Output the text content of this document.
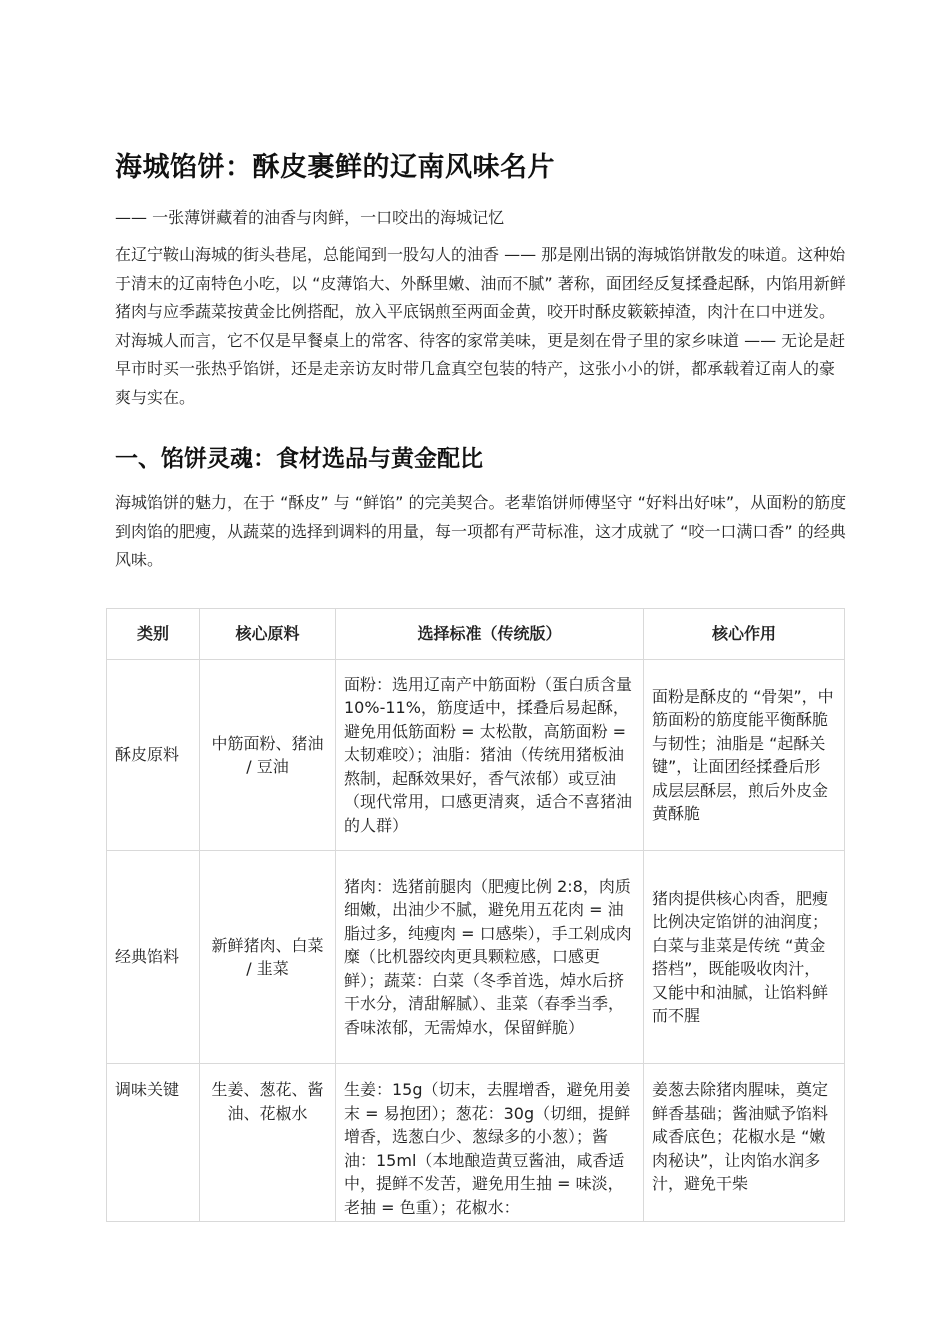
海城馅饼：酥皮裹鲜的辽南风味名片
—— 一张薄饼藏着的油香与肉鲜，一口咬出的海城记忆

在辽宁鞍山海城的街头巷尾，总能闻到一股勾人的油香 —— 那是刚出锅的海城馅饼散发的味道。这种始于清末的辽南特色小吃，以 “皮薄馅大、外酥里嫩、油而不腻” 著称，面团经反复揉叠起酥，内馅用新鲜猪肉与应季蔬菜按黄金比例搭配，放入平底锅煎至两面金黄，咬开时酥皮簌簌掉渣，肉汁在口中迸发。对海城人而言，它不仅是早餐桌上的常客、待客的家常美味，更是刻在骨子里的家乡味道 —— 无论是赶早市时买一张热乎馅饼，还是走亲访友时带几盒真空包装的特产，这张小小的饼，都承载着辽南人的豪爽与实在。

一、馅饼灵魂：食材选品与黄金配比

海城馅饼的魅力，在于 “酥皮” 与 “鲜馅” 的完美契合。老辈馅饼师傅坚守 “好料出好味”，从面粉的筋度到肉馅的肥瘦，从蔬菜的选择到调料的用量，每一项都有严苛标准，这才成就了 “咬一口满口香” 的经典风味。

类别	核心原料	选择标准（传统版）	核心作用
酥皮原料	中筋面粉、猪油 / 豆油	面粉：选用辽南产中筋面粉（蛋白质含量 10%-11%，筋度适中，揉叠后易起酥，避免用低筋面粉 = 太松散，高筋面粉 = 太韧难咬）；油脂：猪油（传统用猪板油熬制，起酥效果好，香气浓郁）或豆油（现代常用，口感更清爽，适合不喜猪油的人群）	面粉是酥皮的 “骨架”，中筋面粉的筋度能平衡酥脆与韧性；油脂是 “起酥关键”，让面团经揉叠后形成层层酥层，煎后外皮金黄酥脆
经典馅料	新鲜猪肉、白菜 / 韭菜	猪肉：选猪前腿肉（肥瘦比例 2:8，肉质细嫩，出油少不腻，避免用五花肉 = 油脂过多，纯瘦肉 = 口感柴），手工剁成肉糜（比机器绞肉更具颗粒感，口感更鲜）；蔬菜：白菜（冬季首选，焯水后挤干水分，清甜解腻）、韭菜（春季当季，香味浓郁，无需焯水，保留鲜脆）	猪肉提供核心肉香，肥瘦比例决定馅饼的油润度；白菜与韭菜是传统 “黄金搭档”，既能吸收肉汁，又能中和油腻，让馅料鲜而不腥
调味关键	生姜、葱花、酱油、花椒水	生姜：15g（切末，去腥增香，避免用姜末 = 易抱团）；葱花：30g（切细，提鲜增香，选葱白少、葱绿多的小葱）；酱油：15ml（本地酿造黄豆酱油，咸香适中，提鲜不发苦，避免用生抽 = 味淡，老抽 = 色重）；花椒水：	姜葱去除猪肉腥味，奠定鲜香基础；酱油赋予馅料咸香底色；花椒水是 “嫩肉秘诀”，让肉馅水润多汁，避免干柴
